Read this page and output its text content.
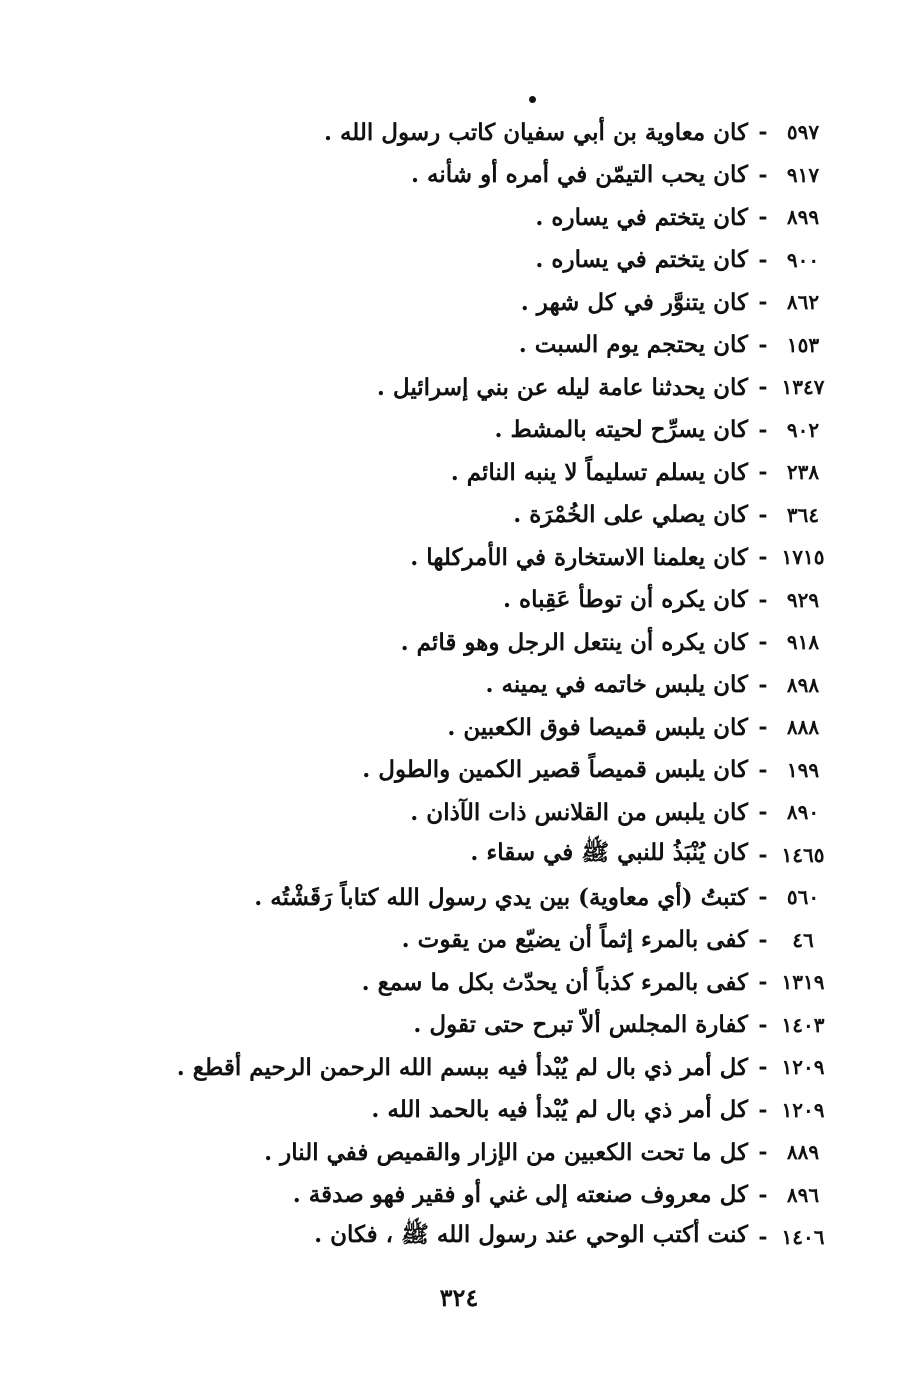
٥٩٧
-
كان معاوية بن أبي سفيان كاتب رسول الله .
٩١٧
-
كان يحب التيمّن في أمره أو شأنه .
٨٩٩
-
كان يتختم في يساره .
٩٠٠
-
كان يتختم في يساره .
٨٦٢
-
كان يتنوَّر في كل شهر .
١٥٣
-
كان يحتجم يوم السبت .
١٣٤٧
-
كان يحدثنا عامة ليله عن بني إسرائيل .
٩٠٢
-
كان يسرِّح لحيته بالمشط .
٢٣٨
-
كان يسلم تسليماً لا ينبه النائم .
٣٦٤
-
كان يصلي على الخُمْرَة .
١٧١٥
-
كان يعلمنا الاستخارة في الأمركلها .
٩٢٩
-
كان يكره أن توطأ عَقِباه .
٩١٨
-
كان يكره أن ينتعل الرجل وهو قائم .
٨٩٨
-
كان يلبس خاتمه في يمينه .
٨٨٨
-
كان يلبس قميصا فوق الكعبين .
١٩٩
-
كان يلبس قميصاً قصير الكمين والطول .
٨٩٠
-
كان يلبس من القلانس ذات الآذان .
١٤٦٥
-
كان يُنْبَذُ للنبي ﷺ في سقاء .
٥٦٠
-
كتبتُ (أي معاوية) بين يدي رسول الله كتاباً رَقَشْتُه .
٤٦
-
كفى بالمرء إثماً أن يضيّع من يقوت .
١٣١٩
-
كفى بالمرء كذباً أن يحدّث بكل ما سمع .
١٤٠٣
-
كفارة المجلس ألاّ تبرح حتى تقول .
١٢٠٩
-
كل أمر ذي بال لم يُبْدأ فيه ببسم الله الرحمن الرحيم أقطع .
١٢٠٩
-
كل أمر ذي بال لم يُبْدأ فيه بالحمد الله .
٨٨٩
-
كل ما تحت الكعبين من الإزار والقميص ففي النار .
٨٩٦
-
كل معروف صنعته إلى غني أو فقير فهو صدقة .
١٤٠٦
-
كنت أكتب الوحي عند رسول الله ﷺ ، فكان .
٣٢٤
